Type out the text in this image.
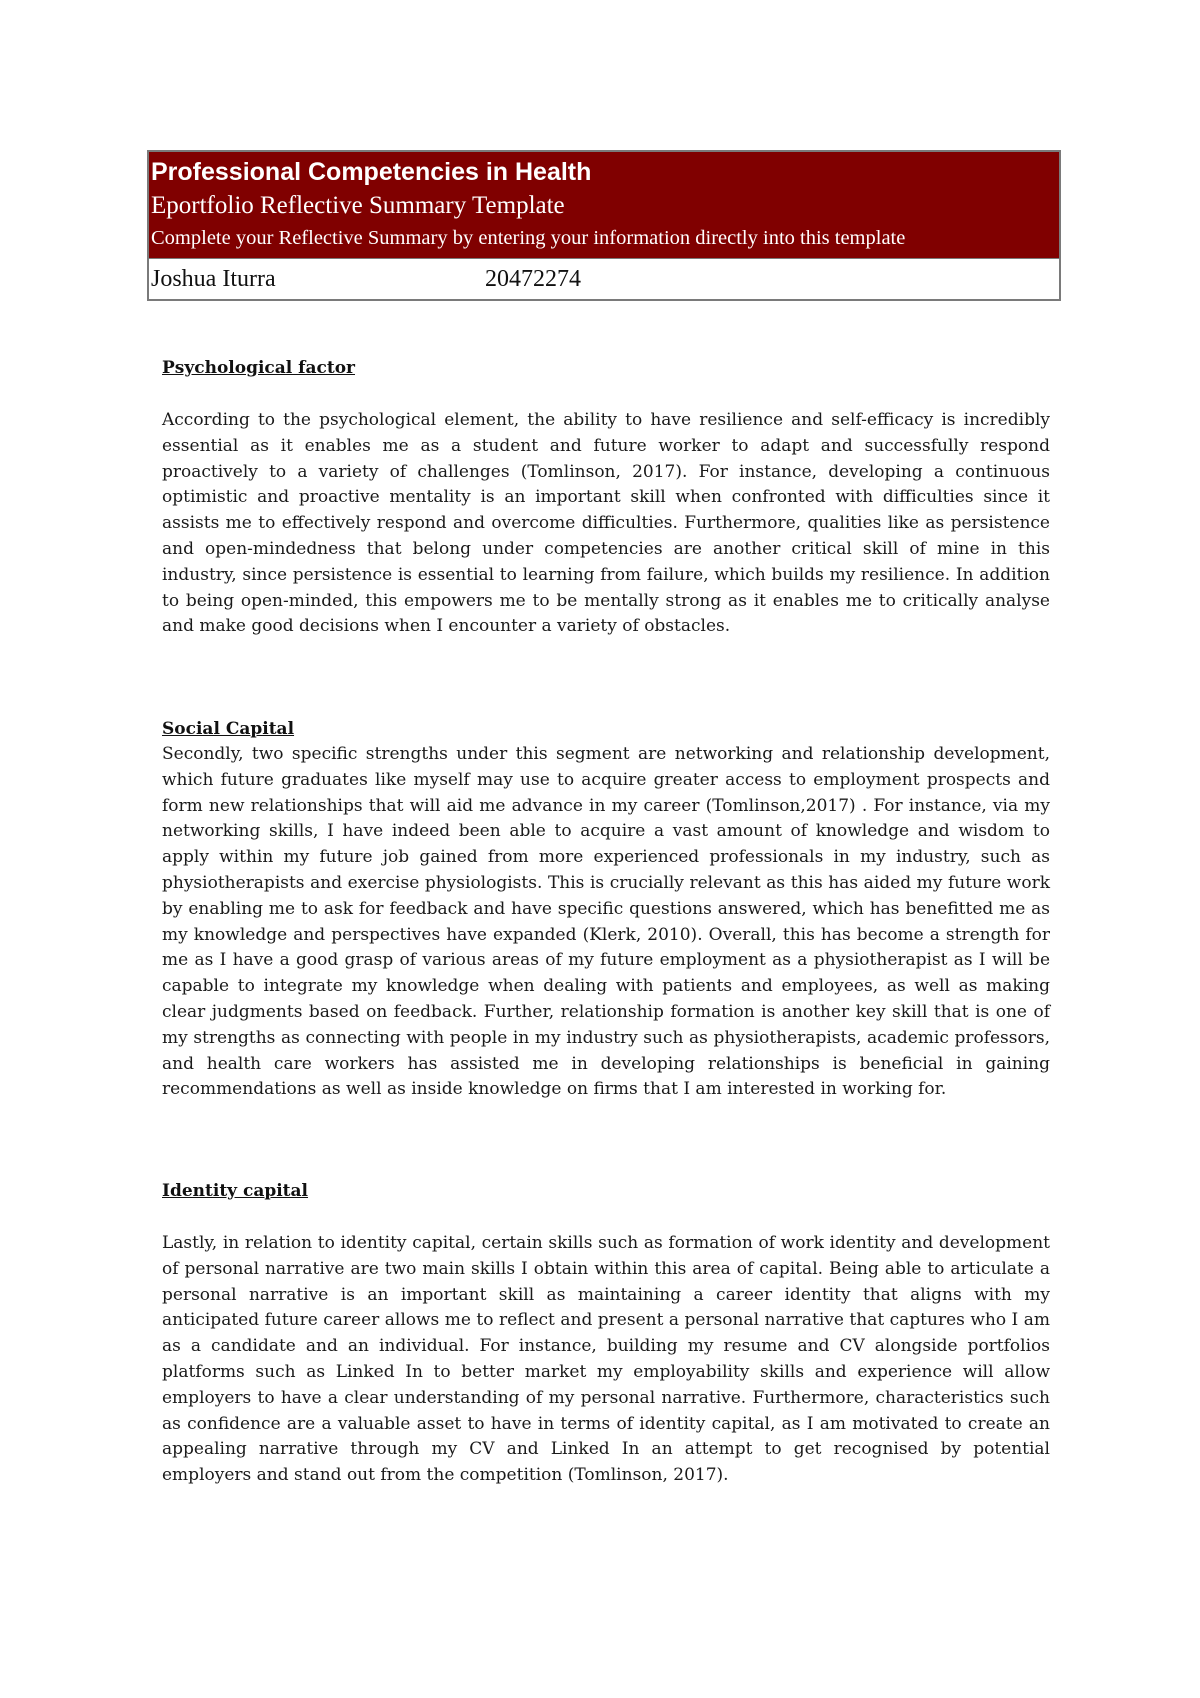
Professional Competencies in Health
Eportfolio Reflective Summary Template
Complete your Reflective Summary by entering your information directly into this template
Joshua Iturra	20472274

Psychological factor

According to the psychological element, the ability to have resilience and self-efficacy is incredibly essential as it enables me as a student and future worker to adapt and successfully respond proactively to a variety of challenges (Tomlinson, 2017). For instance, developing a continuous optimistic and proactive mentality is an important skill when confronted with difficulties since it assists me to effectively respond and overcome difficulties. Furthermore, qualities like as persistence and open-mindedness that belong under competencies are another critical skill of mine in this industry, since persistence is essential to learning from failure, which builds my resilience. In addition to being open-minded, this empowers me to be mentally strong as it enables me to critically analyse and make good decisions when I encounter a variety of obstacles.

Social Capital

Secondly, two specific strengths under this segment are networking and relationship development, which future graduates like myself may use to acquire greater access to employment prospects and form new relationships that will aid me advance in my career (Tomlinson,2017) . For instance, via my networking skills, I have indeed been able to acquire a vast amount of knowledge and wisdom to apply within my future job gained from more experienced professionals in my industry, such as physiotherapists and exercise physiologists. This is crucially relevant as this has aided my future work by enabling me to ask for feedback and have specific questions answered, which has benefitted me as my knowledge and perspectives have expanded (Klerk, 2010). Overall, this has become a strength for me as I have a good grasp of various areas of my future employment as a physiotherapist as I will be capable to integrate my knowledge when dealing with patients and employees, as well as making clear judgments based on feedback. Further, relationship formation is another key skill that is one of my strengths as connecting with people in my industry such as physiotherapists, academic professors, and health care workers has assisted me in developing relationships is beneficial in gaining recommendations as well as inside knowledge on firms that I am interested in working for.

Identity capital

Lastly, in relation to identity capital, certain skills such as formation of work identity and development of personal narrative are two main skills I obtain within this area of capital. Being able to articulate a personal narrative is an important skill as maintaining a career identity that aligns with my anticipated future career allows me to reflect and present a personal narrative that captures who I am as a candidate and an individual. For instance, building my resume and CV alongside portfolios platforms such as Linked In to better market my employability skills and experience will allow employers to have a clear understanding of my personal narrative. Furthermore, characteristics such as confidence are a valuable asset to have in terms of identity capital, as I am motivated to create an appealing narrative through my CV and Linked In an attempt to get recognised by potential employers and stand out from the competition (Tomlinson, 2017).
